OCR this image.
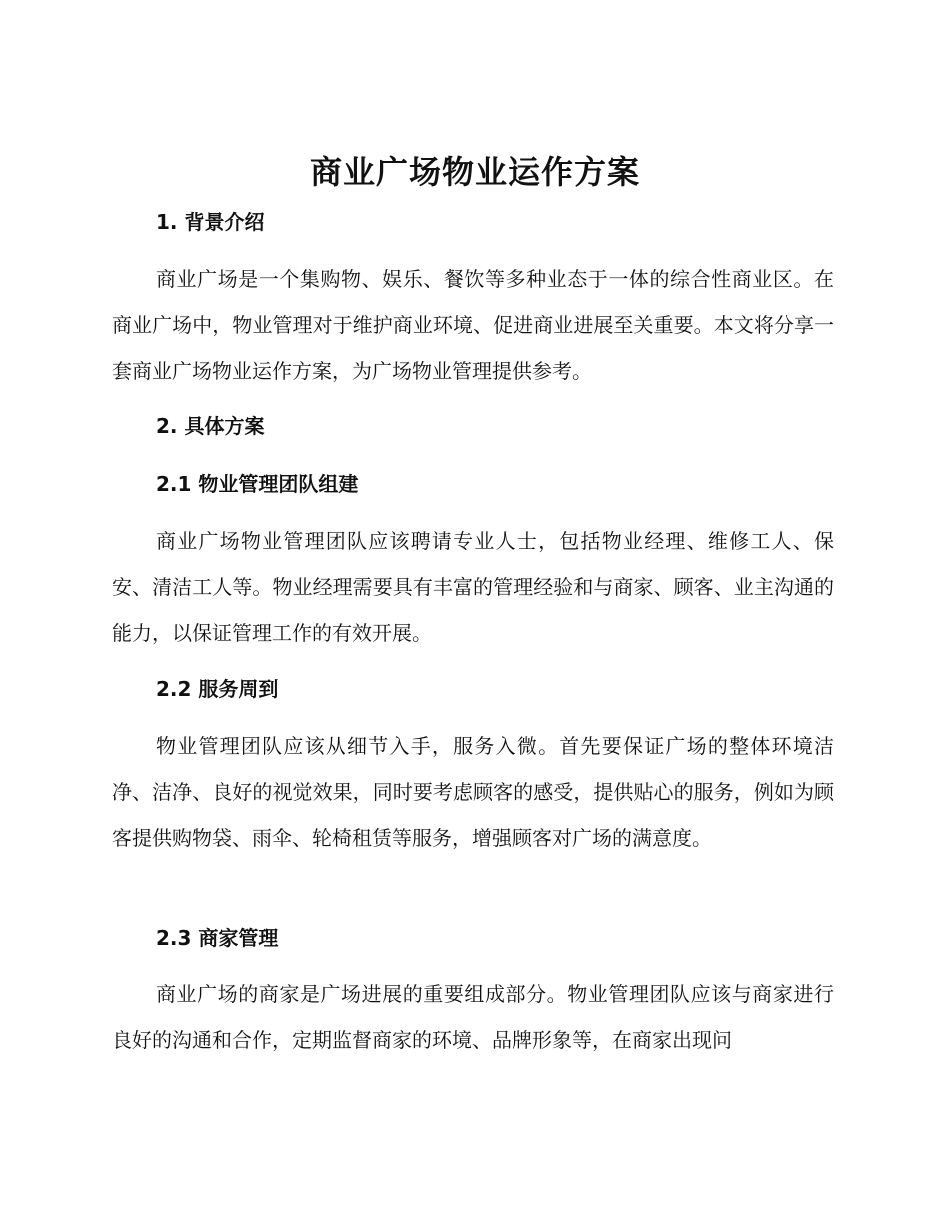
商业广场物业运作方案
1. 背景介绍

商业广场是一个集购物、娱乐、餐饮等多种业态于一体的综合性商业区。在商业广场中，物业管理对于维护商业环境、促进商业进展至关重要。本文将分享一套商业广场物业运作方案，为广场物业管理提供参考。

2. 具体方案
2.1 物业管理团队组建

商业广场物业管理团队应该聘请专业人士，包括物业经理、维修工人、保安、清洁工人等。物业经理需要具有丰富的管理经验和与商家、顾客、业主沟通的能力，以保证管理工作的有效开展。

2.2 服务周到

物业管理团队应该从细节入手，服务入微。首先要保证广场的整体环境洁净、洁净、良好的视觉效果，同时要考虑顾客的感受，提供贴心的服务，例如为顾客提供购物袋、雨伞、轮椅租赁等服务，增强顾客对广场的满意度。

2.3 商家管理

商业广场的商家是广场进展的重要组成部分。物业管理团队应该与商家进行良好的沟通和合作，定期监督商家的环境、品牌形象等，在商家出现问
